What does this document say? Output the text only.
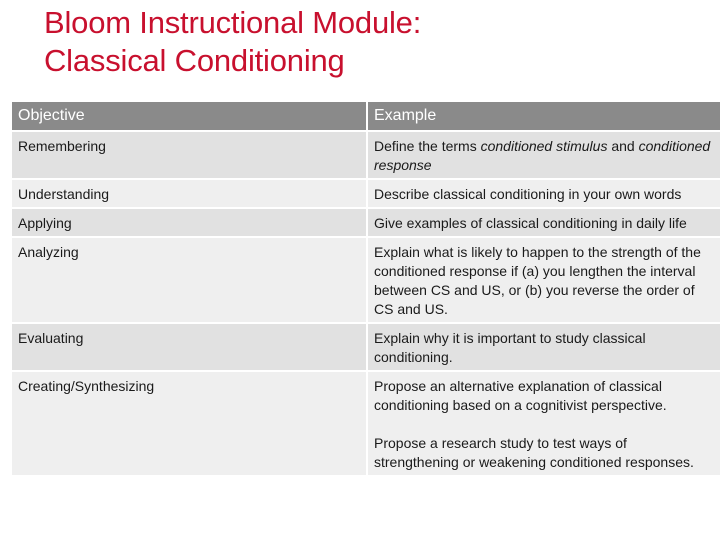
Bloom Instructional Module:
Classical Conditioning
Objective	Example
Remembering	Define the terms conditioned stimulus and conditioned response
Understanding	Describe classical conditioning in your own words
Applying	Give examples of classical conditioning in daily life
Analyzing	Explain what is likely to happen to the strength of the conditioned response if (a) you lengthen the interval between CS and US, or (b) you reverse the order of CS and US.
Evaluating	Explain why it is important to study classical conditioning.
Creating/Synthesizing	Propose an alternative explanation of classical conditioning based on a cognitivist perspective.
Propose a research study to test ways of strengthening or weakening conditioned responses.
